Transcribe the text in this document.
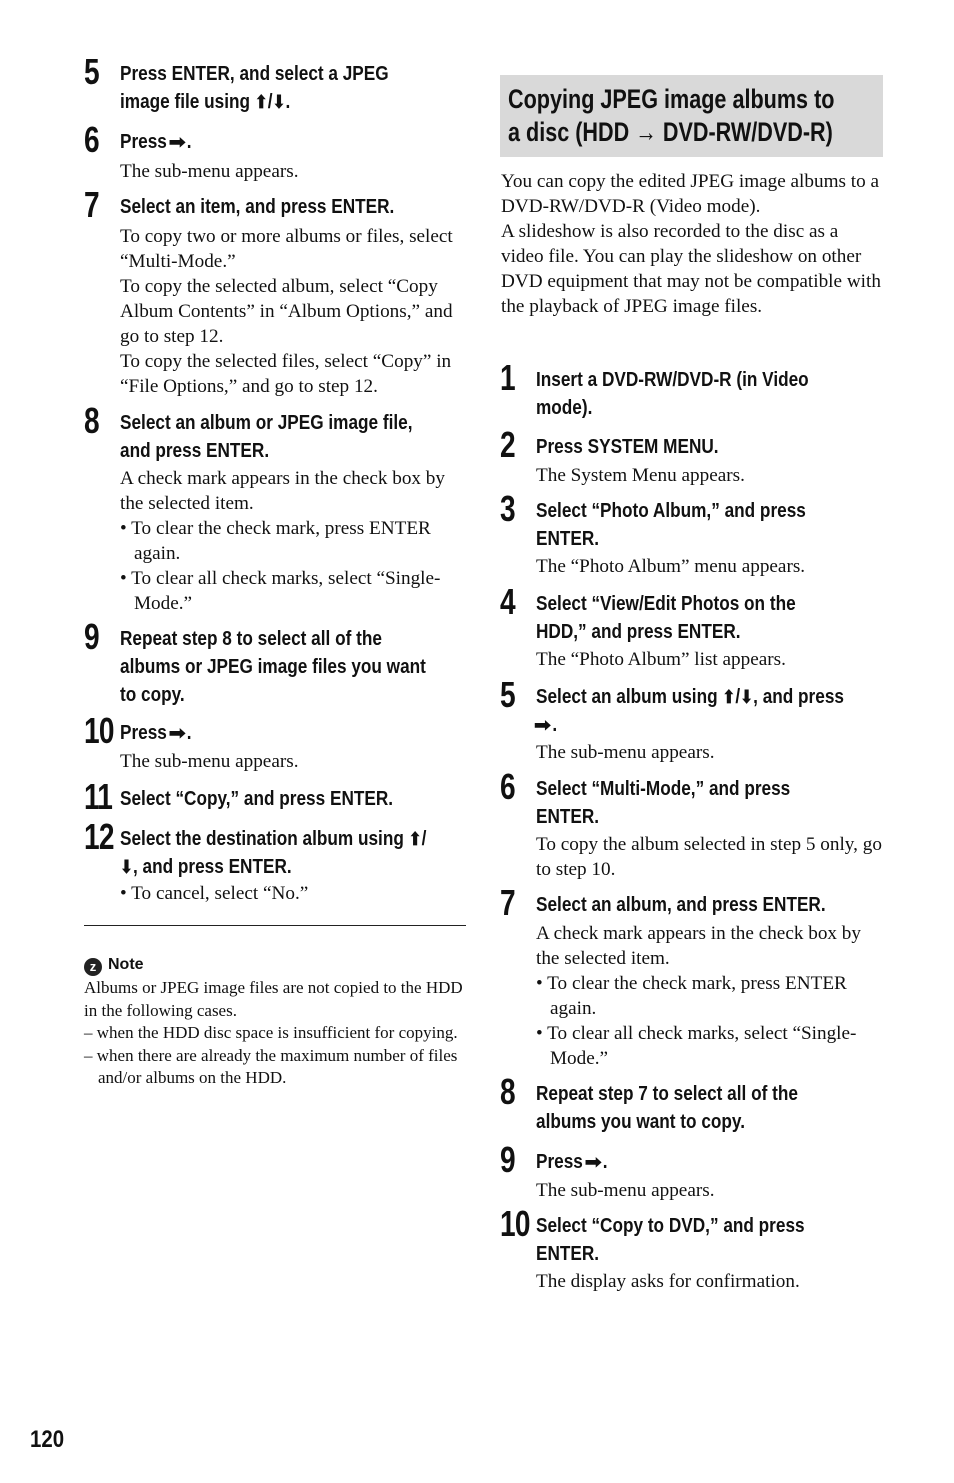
5 Press ENTER, and select a JPEG
image file using ⬆/⬇.
6 Press➡.

The sub-menu appears.

7 Select an item, and press ENTER.

To copy two or more albums or files, select “Multi-Mode.”

To copy the selected album, select “Copy Album Contents” in “Album Options,” and go to step 12.

To copy the selected files, select “Copy” in “File Options,” and go to step 12.

8 Select an album or JPEG image file,
and press ENTER.

A check mark appears in the check box by the selected item.

• To clear the check mark, press ENTER again.

• To clear all check marks, select “Single-Mode.”

9 Repeat step 8 to select all of the
albums or JPEG image files you want
to copy.
10 Press➡.

The sub-menu appears.

11 Select “Copy,” and press ENTER.
12 Select the destination album using ⬆/
⬇, and press ENTER.

• To cancel, select “No.”

z Note

Albums or JPEG image files are not copied to the HDD in the following cases.

– when the HDD disc space is insufficient for copying.

– when there are already the maximum number of files and/or albums on the HDD.

Copying JPEG image albums to
a disc (HDD → DVD-RW/DVD-R)

You can copy the edited JPEG image albums to a DVD-RW/DVD-R (Video mode).

A slideshow is also recorded to the disc as a video file. You can play the slideshow on other DVD equipment that may not be compatible with the playback of JPEG image files.

1 Insert a DVD-RW/DVD-R (in Video
mode).
2 Press SYSTEM MENU.

The System Menu appears.

3 Select “Photo Album,” and press
ENTER.

The “Photo Album” menu appears.

4 Select “View/Edit Photos on the
HDD,” and press ENTER.

The “Photo Album” list appears.

5 Select an album using ⬆/⬇, and press
➡.

The sub-menu appears.

6 Select “Multi-Mode,” and press
ENTER.

To copy the album selected in step 5 only, go to step 10.

7 Select an album, and press ENTER.

A check mark appears in the check box by the selected item.

• To clear the check mark, press ENTER again.

• To clear all check marks, select “Single-Mode.”

8 Repeat step 7 to select all of the
albums you want to copy.
9 Press➡.

The sub-menu appears.

10 Select “Copy to DVD,” and press
ENTER.

The display asks for confirmation.

120
